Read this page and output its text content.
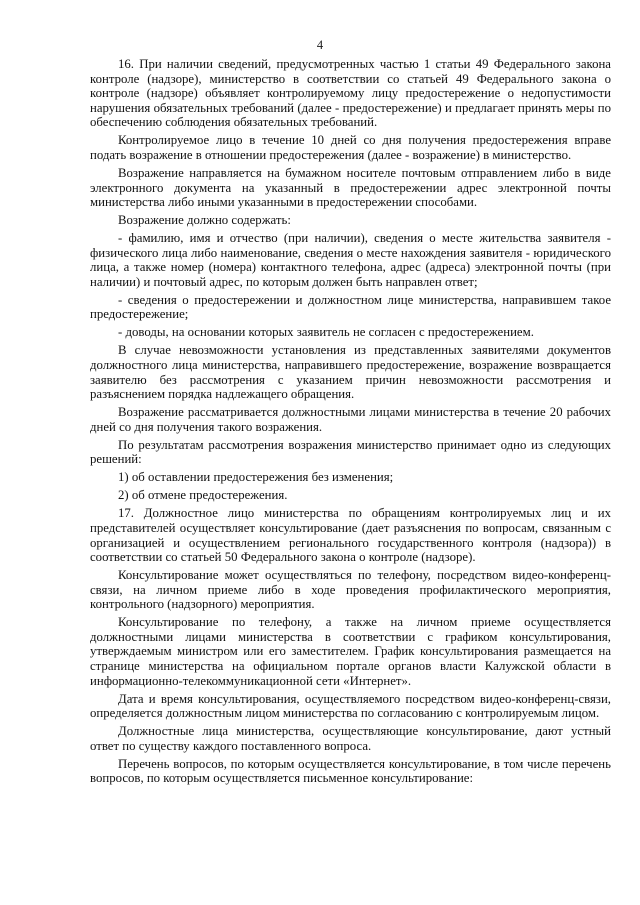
4

16. При наличии сведений, предусмотренных частью 1 статьи 49 Федерального закона контроле (надзоре), министерство в соответствии со статьей 49 Федерального закона о контроле (надзоре) объявляет контролируемому лицу предостережение о недопустимости нарушения обязательных требований (далее - предостережение) и предлагает принять меры по обеспечению соблюдения обязательных требований.

Контролируемое лицо в течение 10 дней со дня получения предостережения вправе подать возражение в отношении предостережения (далее - возражение) в министерство.

Возражение направляется на бумажном носителе почтовым отправлением либо в виде электронного документа на указанный в предостережении адрес электронной почты министерства либо иными указанными в предостережении способами.

Возражение должно содержать:

- фамилию, имя и отчество (при наличии), сведения о месте жительства заявителя - физического лица либо наименование, сведения о месте нахождения заявителя - юридического лица, а также номер (номера) контактного телефона, адрес (адреса) электронной почты (при наличии) и почтовый адрес, по которым должен быть направлен ответ;

- сведения о предостережении и должностном лице министерства, направившем такое предостережение;

- доводы, на основании которых заявитель не согласен с предостережением.

В случае невозможности установления из представленных заявителями документов должностного лица министерства, направившего предостережение, возражение возвращается заявителю без рассмотрения с указанием причин невозможности рассмотрения и разъяснением порядка надлежащего обращения.

Возражение рассматривается должностными лицами министерства в течение 20 рабочих дней со дня получения такого возражения.

По результатам рассмотрения возражения министерство принимает одно из следующих решений:

1) об оставлении предостережения без изменения;

2) об отмене предостережения.

17. Должностное лицо министерства по обращениям контролируемых лиц и их представителей осуществляет консультирование (дает разъяснения по вопросам, связанным с организацией и осуществлением регионального государственного контроля (надзора)) в соответствии со статьей 50 Федерального закона о контроле (надзоре).

Консультирование может осуществляться по телефону, посредством видео-конференц-связи, на личном приеме либо в ходе проведения профилактического мероприятия, контрольного (надзорного) мероприятия.

Консультирование по телефону, а также на личном приеме осуществляется должностными лицами министерства в соответствии с графиком консультирования, утверждаемым министром или его заместителем. График консультирования размещается на странице министерства на официальном портале органов власти Калужской области в информационно-телекоммуникационной сети «Интернет».

Дата и время консультирования, осуществляемого посредством видео-конференц-связи, определяется должностным лицом министерства по согласованию с контролируемым лицом.

Должностные лица министерства, осуществляющие консультирование, дают устный ответ по существу каждого поставленного вопроса.

Перечень вопросов, по которым осуществляется консультирование, в том числе перечень вопросов, по которым осуществляется письменное консультирование:
